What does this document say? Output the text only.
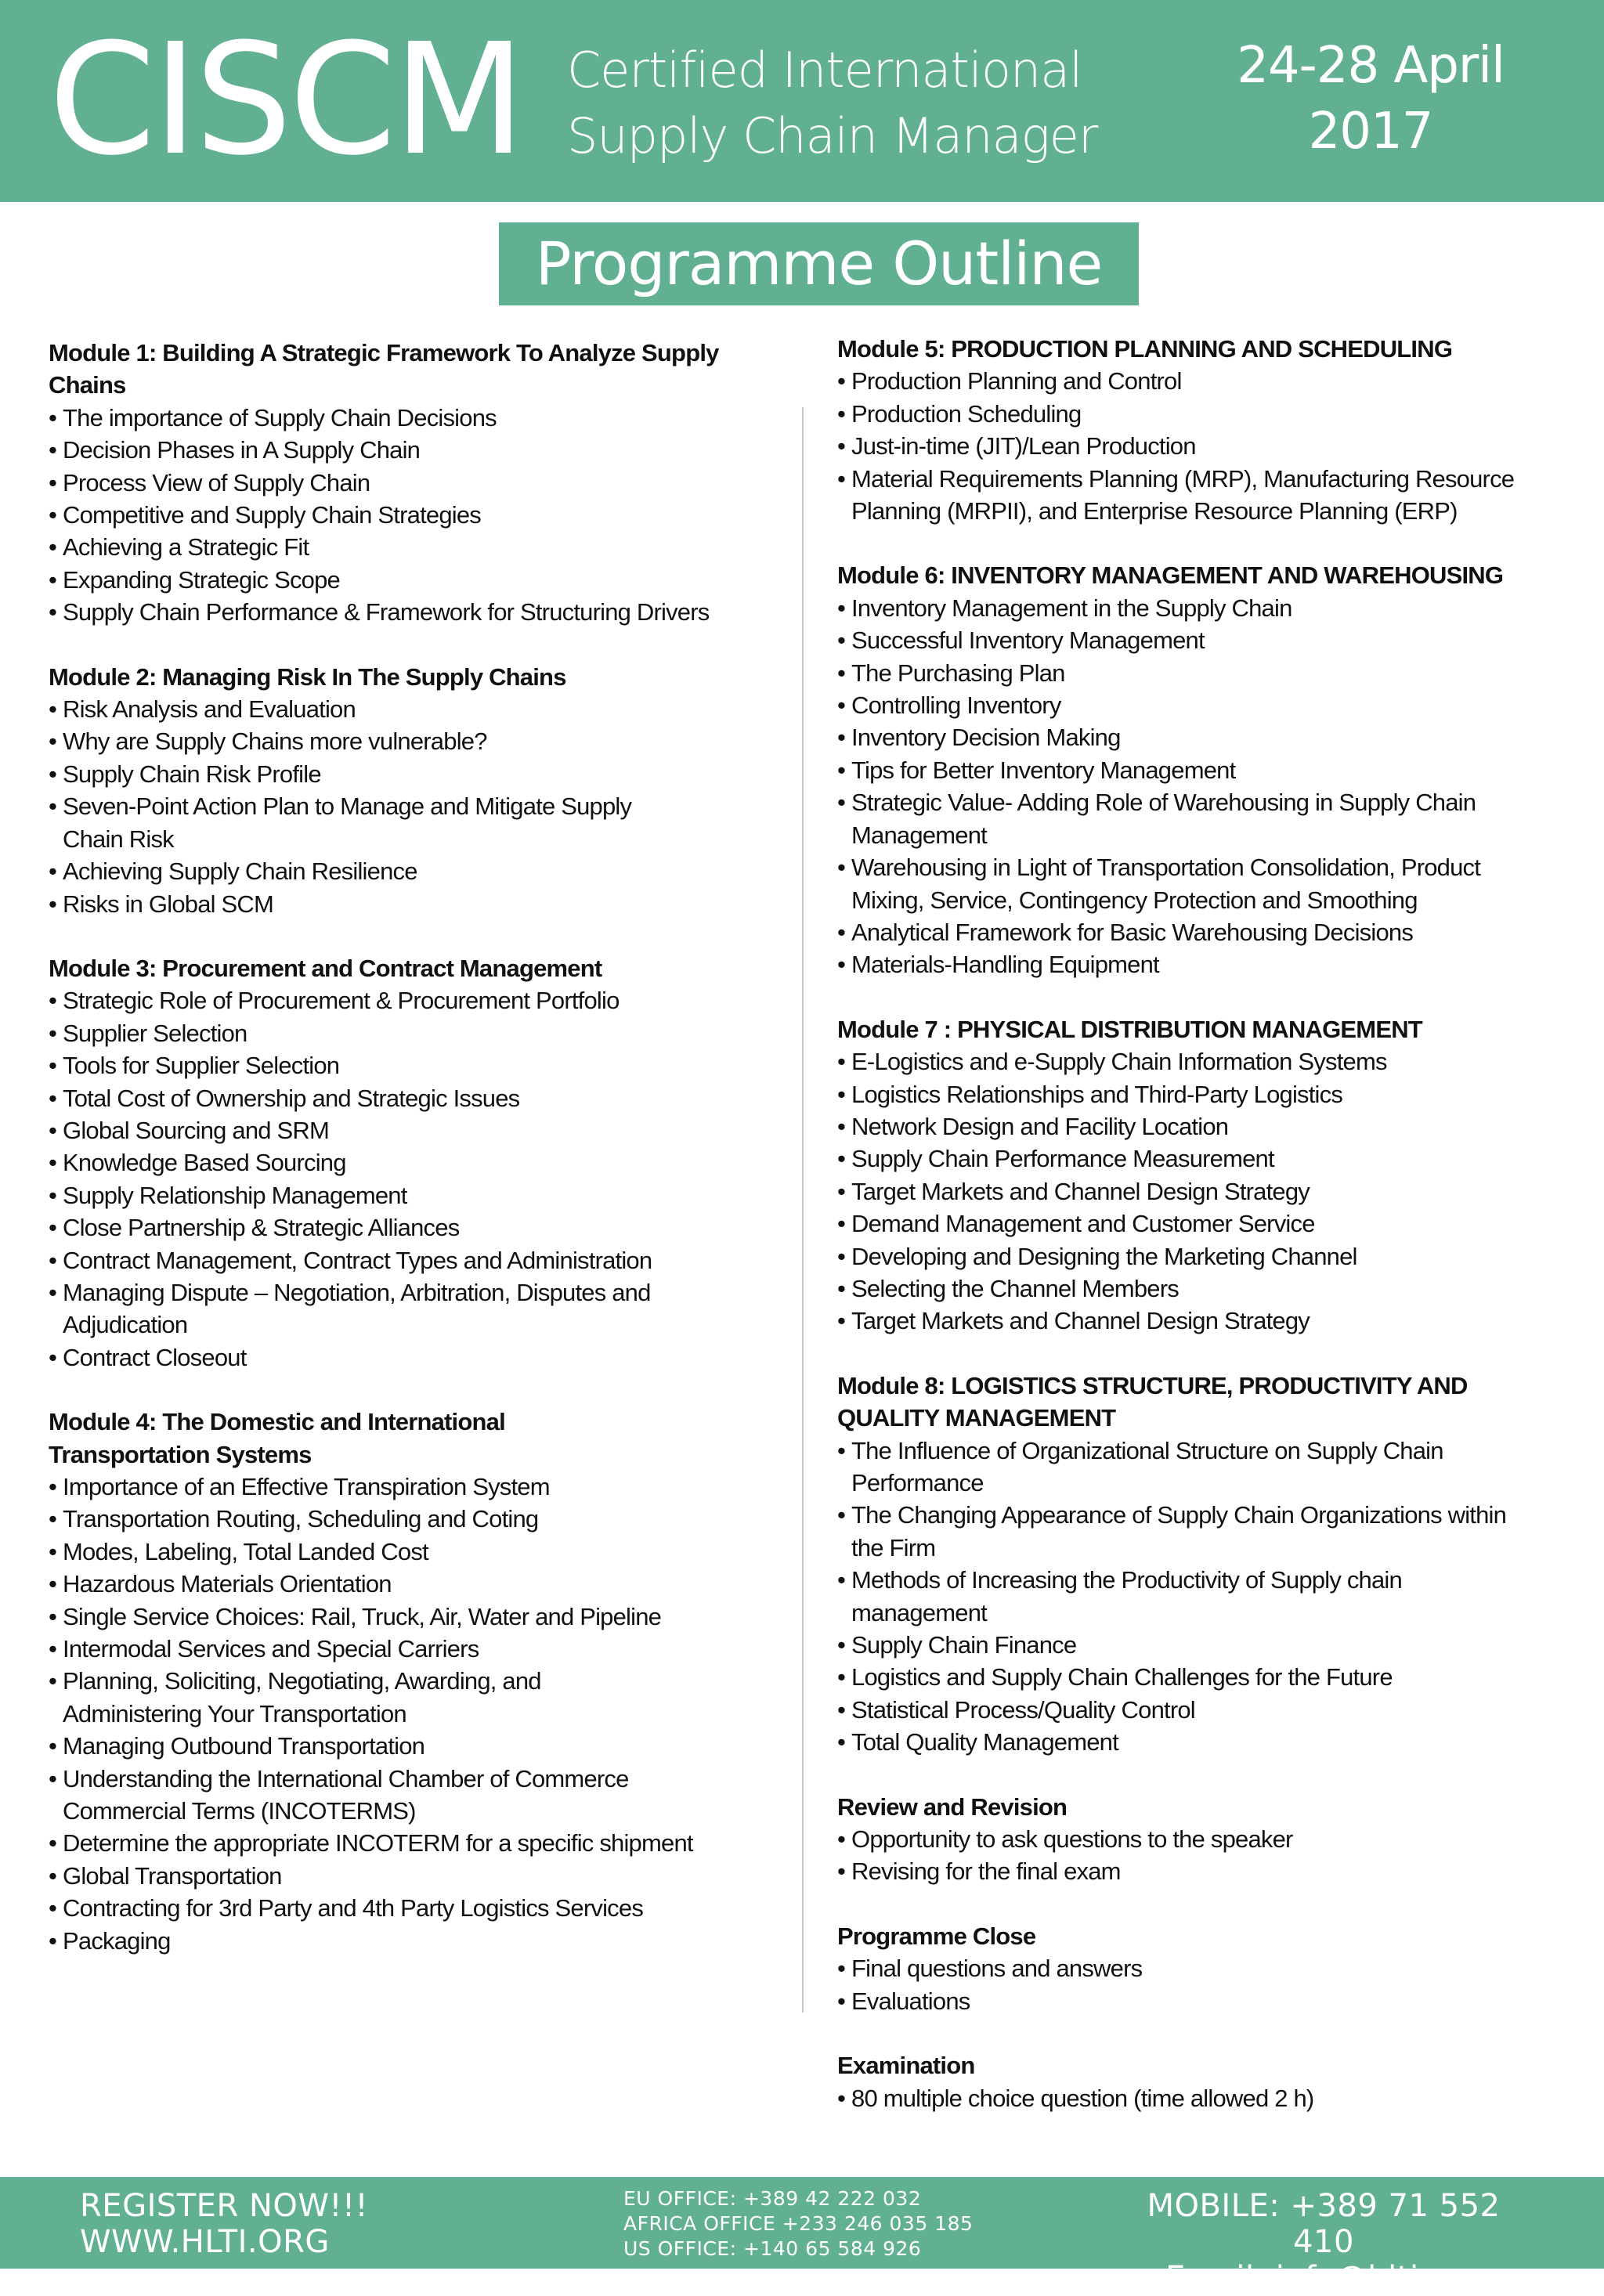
CISCM Certified International
Supply Chain Manager
24-28 April
2017
Programme Outline
Module 1: Building A Strategic Framework To Analyze Supply
Chains
• The importance of Supply Chain Decisions
• Decision Phases in A Supply Chain
• Process View of Supply Chain
• Competitive and Supply Chain Strategies
• Achieving a Strategic Fit
• Expanding Strategic Scope
• Supply Chain Performance & Framework for Structuring Drivers
Module 2: Managing Risk In The Supply Chains
• Risk Analysis and Evaluation
• Why are Supply Chains more vulnerable?
• Supply Chain Risk Profile
• Seven-Point Action Plan to Manage and Mitigate Supply
Chain Risk
• Achieving Supply Chain Resilience
• Risks in Global SCM
Module 3: Procurement and Contract Management
• Strategic Role of Procurement & Procurement Portfolio
• Supplier Selection
• Tools for Supplier Selection
• Total Cost of Ownership and Strategic Issues
• Global Sourcing and SRM
• Knowledge Based Sourcing
• Supply Relationship Management
• Close Partnership & Strategic Alliances
• Contract Management, Contract Types and Administration
• Managing Dispute – Negotiation, Arbitration, Disputes and
Adjudication
• Contract Closeout
Module 4: The Domestic and International
Transportation Systems
• Importance of an Effective Transpiration System
• Transportation Routing, Scheduling and Coting
• Modes, Labeling, Total Landed Cost
• Hazardous Materials Orientation
• Single Service Choices: Rail, Truck, Air, Water and Pipeline
• Intermodal Services and Special Carriers
• Planning, Soliciting, Negotiating, Awarding, and
Administering Your Transportation
• Managing Outbound Transportation
• Understanding the International Chamber of Commerce
Commercial Terms (INCOTERMS)
• Determine the appropriate INCOTERM for a specific shipment
• Global Transportation
• Contracting for 3rd Party and 4th Party Logistics Services
• Packaging
Module 5: PRODUCTION PLANNING AND SCHEDULING
• Production Planning and Control
• Production Scheduling
• Just-in-time (JIT)/Lean Production
• Material Requirements Planning (MRP), Manufacturing Resource
Planning (MRPII), and Enterprise Resource Planning (ERP)
Module 6: INVENTORY MANAGEMENT AND WAREHOUSING
• Inventory Management in the Supply Chain
• Successful Inventory Management
• The Purchasing Plan
• Controlling Inventory
• Inventory Decision Making
• Tips for Better Inventory Management
• Strategic Value- Adding Role of Warehousing in Supply Chain
Management
• Warehousing in Light of Transportation Consolidation, Product
Mixing, Service, Contingency Protection and Smoothing
• Analytical Framework for Basic Warehousing Decisions
• Materials-Handling Equipment
Module 7 : PHYSICAL DISTRIBUTION MANAGEMENT
• E-Logistics and e-Supply Chain Information Systems
• Logistics Relationships and Third-Party Logistics
• Network Design and Facility Location
• Supply Chain Performance Measurement
• Target Markets and Channel Design Strategy
• Demand Management and Customer Service
• Developing and Designing the Marketing Channel
• Selecting the Channel Members
• Target Markets and Channel Design Strategy
Module 8: LOGISTICS STRUCTURE, PRODUCTIVITY AND
QUALITY MANAGEMENT
• The Influence of Organizational Structure on Supply Chain
Performance
• The Changing Appearance of Supply Chain Organizations within
the Firm
• Methods of Increasing the Productivity of Supply chain
management
• Supply Chain Finance
• Logistics and Supply Chain Challenges for the Future
• Statistical Process/Quality Control
• Total Quality Management
Review and Revision
• Opportunity to ask questions to the speaker
• Revising for the final exam
Programme Close
• Final questions and answers
• Evaluations
Examination
• 80 multiple choice question (time allowed 2 h)
REGISTER NOW!!!
WWW.HLTI.ORG
EU OFFICE: +389 42 222 032
AFRICA OFFICE +233 246 035 185
US OFFICE: +140 65 584 926
MOBILE: +389 71 552 410
Email: info@hlti.org
